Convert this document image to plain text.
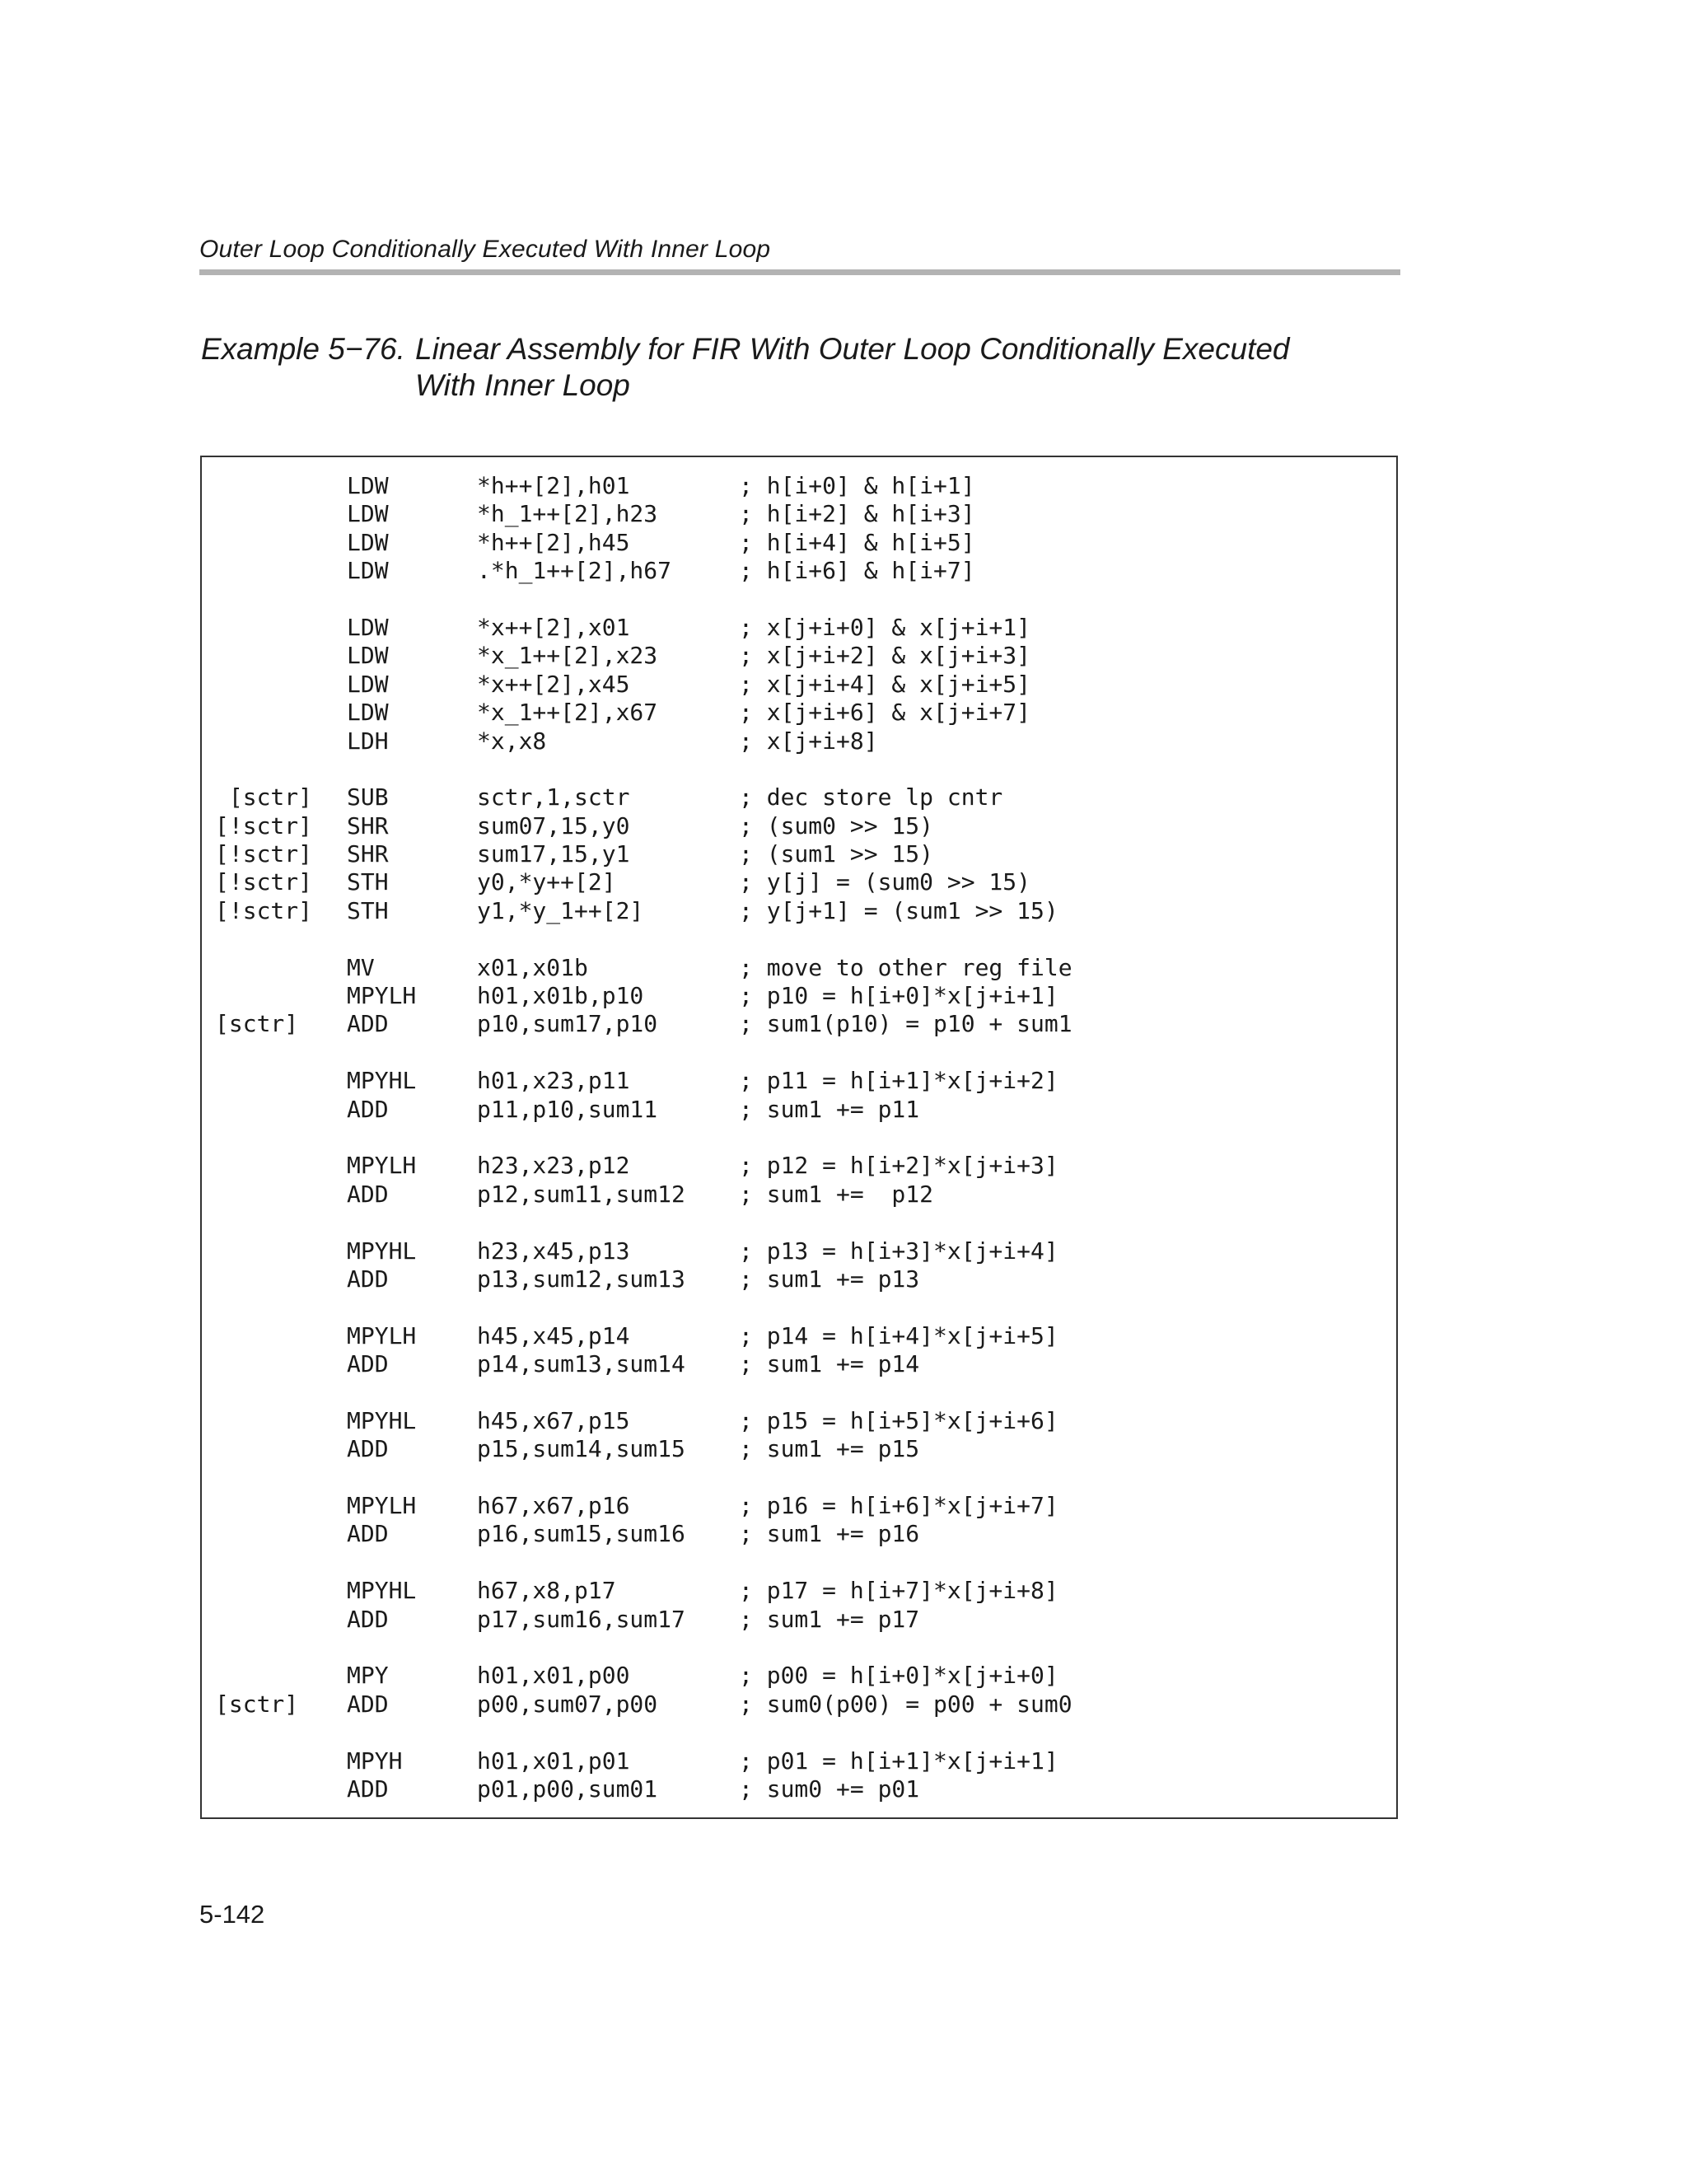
Outer Loop Conditionally Executed With Inner Loop
Example 5−76. Linear Assembly for FIR With Outer Loop Conditionally Executed
With Inner Loop
LDW	*h++[2],h01	; h[i+0] & h[i+1]
LDW	*h_1++[2],h23	; h[i+2] & h[i+3]
LDW	*h++[2],h45	; h[i+4] & h[i+5]
LDW	.*h_1++[2],h67	; h[i+6] & h[i+7]
LDW	*x++[2],x01	; x[j+i+0] & x[j+i+1]
LDW	*x_1++[2],x23	; x[j+i+2] & x[j+i+3]
LDW	*x++[2],x45	; x[j+i+4] & x[j+i+5]
LDW	*x_1++[2],x67	; x[j+i+6] & x[j+i+7]
LDH	*x,x8	; x[j+i+8]
[sctr] SUB	sctr,1,sctr	; dec store lp cntr
[!sctr] SHR	sum07,15,y0	; (sum0 >> 15)
[!sctr] SHR	sum17,15,y1	; (sum1 >> 15)
[!sctr] STH	y0,*y++[2]	; y[j] = (sum0 >> 15)
[!sctr] STH	y1,*y_1++[2]	; y[j+1] = (sum1 >> 15)
MV	x01,x01b	; move to other reg file
MPYLH	h01,x01b,p10	; p10 = h[i+0]*x[j+i+1]
[sctr] ADD	p10,sum17,p10	; sum1(p10) = p10 + sum1
MPYHL	h01,x23,p11	; p11 = h[i+1]*x[j+i+2]
ADD	p11,p10,sum11	; sum1 += p11
MPYLH	h23,x23,p12	; p12 = h[i+2]*x[j+i+3]
ADD	p12,sum11,sum12 ; sum1 +=  p12
MPYHL	h23,x45,p13	; p13 = h[i+3]*x[j+i+4]
ADD	p13,sum12,sum13 ; sum1 += p13
MPYLH	h45,x45,p14	; p14 = h[i+4]*x[j+i+5]
ADD	p14,sum13,sum14 ; sum1 += p14
MPYHL	h45,x67,p15	; p15 = h[i+5]*x[j+i+6]
ADD	p15,sum14,sum15 ; sum1 += p15
MPYLH	h67,x67,p16	; p16 = h[i+6]*x[j+i+7]
ADD	p16,sum15,sum16 ; sum1 += p16
MPYHL	h67,x8,p17	; p17 = h[i+7]*x[j+i+8]
ADD	p17,sum16,sum17 ; sum1 += p17
MPY	h01,x01,p00	; p00 = h[i+0]*x[j+i+0]
[sctr] ADD	p00,sum07,p00	; sum0(p00) = p00 + sum0
MPYH	h01,x01,p01	; p01 = h[i+1]*x[j+i+1]
ADD	p01,p00,sum01	; sum0 += p01
5-142
